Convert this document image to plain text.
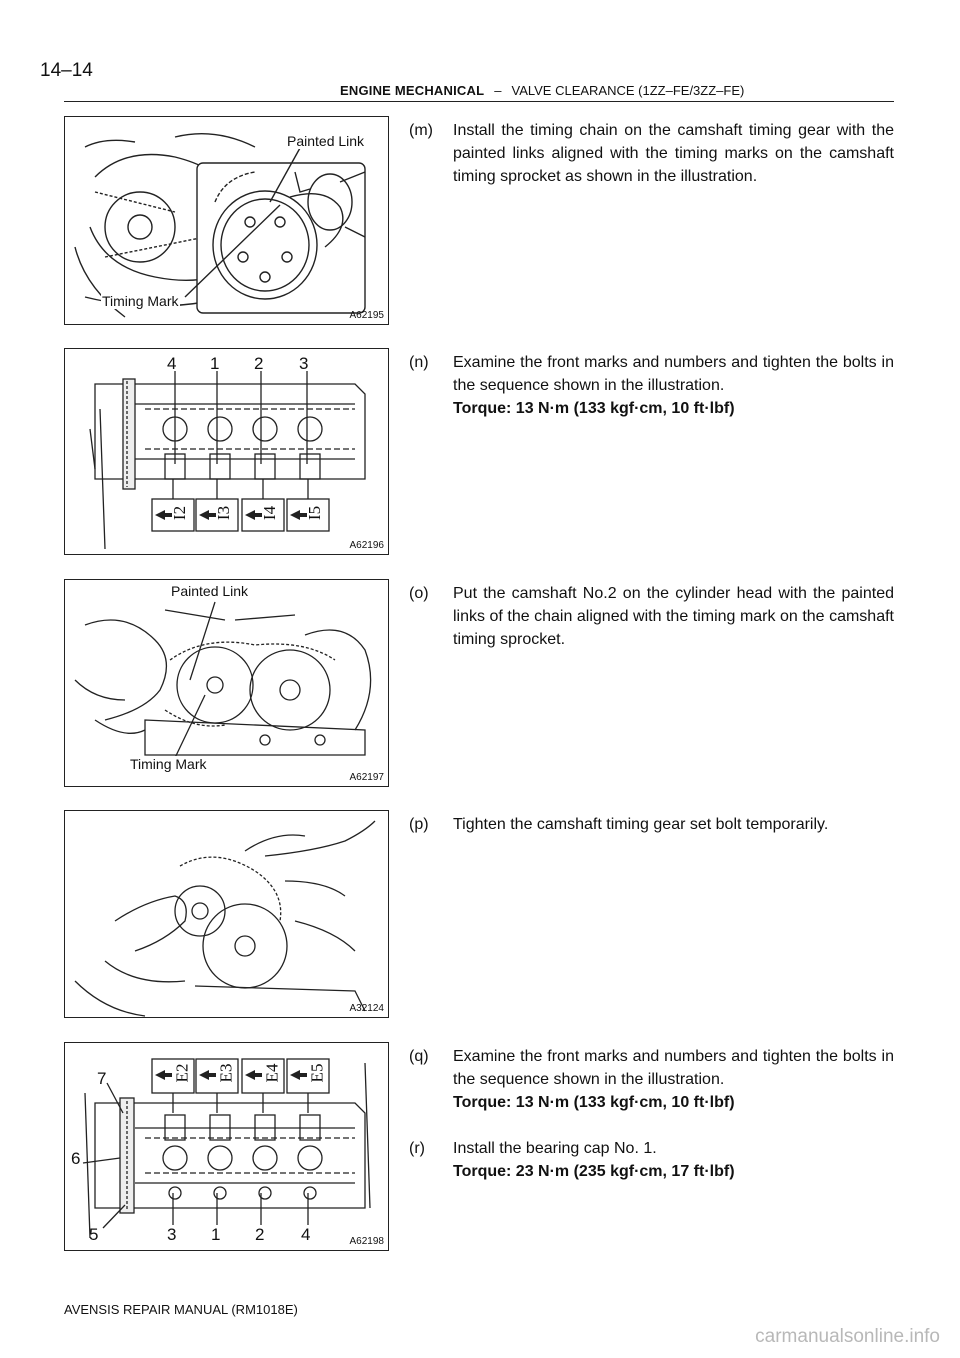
14–14
ENGINE MECHANICAL – VALVE CLEARANCE (1ZZ–FE/3ZZ–FE)
Painted Link
Timing Mark
A62195
4 1 2 3
I2 I3 I4 I5
A62196
Painted Link
Timing Mark
A62197
A32124
E2 E3 E4 E5
7
6
5	3 1 2 4	A62198
(m) Install the timing chain on the camshaft timing gear with the painted links aligned with the timing marks on the camshaft timing sprocket as shown in the illustration.
(n) Examine the front marks and numbers and tighten the bolts in the sequence shown in the illustration.
Torque: 13 N·m (133 kgf·cm, 10 ft·lbf)
(o) Put the camshaft No.2 on the cylinder head with the painted links of the chain aligned with the timing mark on the camshaft timing sprocket.
(p) Tighten the camshaft timing gear set bolt temporarily.
(q) Examine the front marks and numbers and tighten the bolts in the sequence shown in the illustration.
Torque: 13 N·m (133 kgf·cm, 10 ft·lbf)
(r) Install the bearing cap No. 1.
Torque: 23 N·m (235 kgf·cm, 17 ft·lbf)
AVENSIS REPAIR MANUAL (RM1018E)
carmanualsonline.info
